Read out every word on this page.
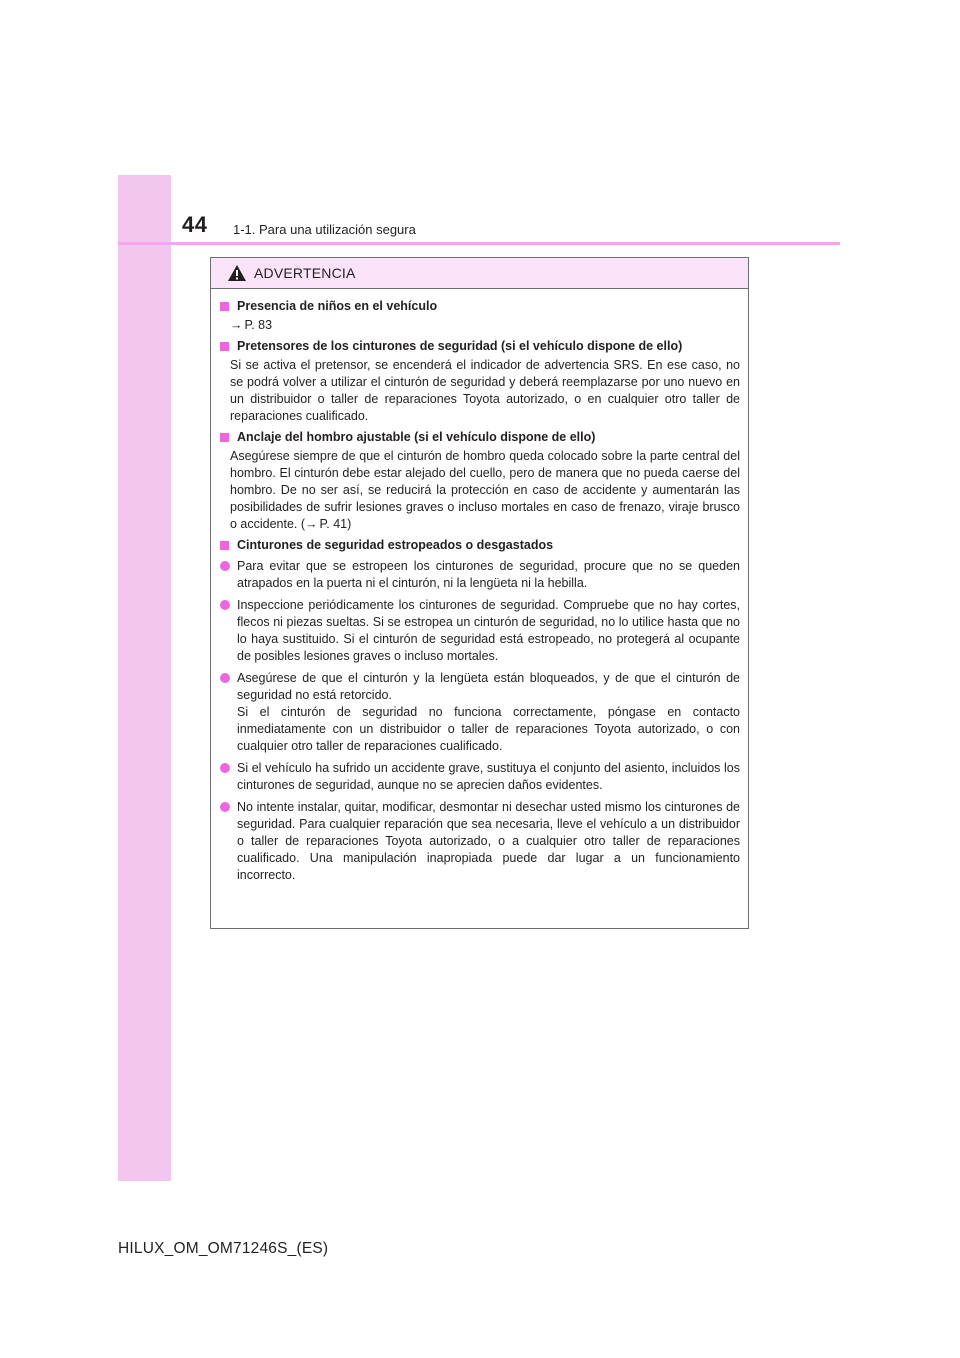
44 1-1. Para una utilización segura
ADVERTENCIA
Presencia de niños en el vehículo
→ P. 83
Pretensores de los cinturones de seguridad (si el vehículo dispone de ello)
Si se activa el pretensor, se encenderá el indicador de advertencia SRS. En ese caso, no se podrá volver a utilizar el cinturón de seguridad y deberá reemplazarse por uno nuevo en un distribuidor o taller de reparaciones Toyota autorizado, o en cualquier otro taller de reparaciones cualificado.
Anclaje del hombro ajustable (si el vehículo dispone de ello)
Asegúrese siempre de que el cinturón de hombro queda colocado sobre la parte central del hombro. El cinturón debe estar alejado del cuello, pero de manera que no pueda caerse del hombro. De no ser así, se reducirá la protección en caso de accidente y aumentarán las posibilidades de sufrir lesiones graves o incluso mortales en caso de frenazo, viraje brusco o accidente. (→ P. 41)
Cinturones de seguridad estropeados o desgastados
Para evitar que se estropeen los cinturones de seguridad, procure que no se queden atrapados en la puerta ni el cinturón, ni la lengüeta ni la hebilla.
Inspeccione periódicamente los cinturones de seguridad. Compruebe que no hay cortes, flecos ni piezas sueltas. Si se estropea un cinturón de seguridad, no lo utilice hasta que no lo haya sustituido. Si el cinturón de seguridad está estropeado, no protegerá al ocupante de posibles lesiones graves o incluso mortales.
Asegúrese de que el cinturón y la lengüeta están bloqueados, y de que el cinturón de seguridad no está retorcido.
Si el cinturón de seguridad no funciona correctamente, póngase en contacto inmediatamente con un distribuidor o taller de reparaciones Toyota autorizado, o con cualquier otro taller de reparaciones cualificado.
Si el vehículo ha sufrido un accidente grave, sustituya el conjunto del asiento, incluidos los cinturones de seguridad, aunque no se aprecien daños evidentes.
No intente instalar, quitar, modificar, desmontar ni desechar usted mismo los cinturones de seguridad. Para cualquier reparación que sea necesaria, lleve el vehículo a un distribuidor o taller de reparaciones Toyota autorizado, o a cualquier otro taller de reparaciones cualificado. Una manipulación inapropiada puede dar lugar a un funcionamiento incorrecto.
HILUX_OM_OM71246S_(ES)
